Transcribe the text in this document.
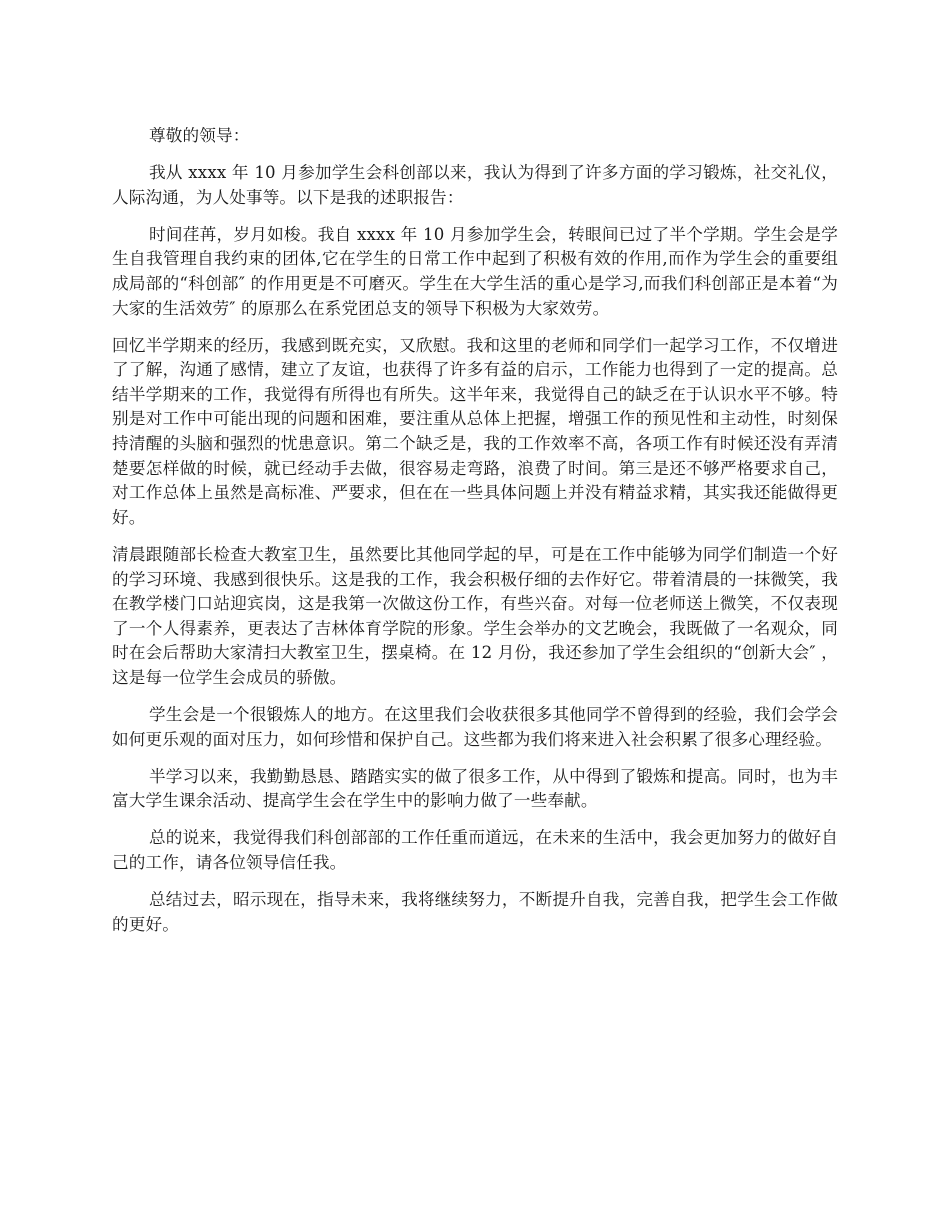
尊敬的领导：

我从 xxxx 年 10 月参加学生会科创部以来，我认为得到了许多方面的学习锻炼，社交礼仪，人际沟通，为人处事等。以下是我的述职报告：

时间荏苒，岁月如梭。我自 xxxx 年 10 月参加学生会，转眼间已过了半个学期。学生会是学生自我管理自我约束的团体,它在学生的日常工作中起到了积极有效的作用,而作为学生会的重要组成局部的“科创部″ 的作用更是不可磨灭。学生在大学生活的重心是学习,而我们科创部正是本着“为大家的生活效劳″ 的原那么在系党团总支的领导下积极为大家效劳。

回忆半学期来的经历，我感到既充实，又欣慰。我和这里的老师和同学们一起学习工作，不仅增进了了解，沟通了感情，建立了友谊，也获得了许多有益的启示，工作能力也得到了一定的提高。总结半学期来的工作，我觉得有所得也有所失。这半年来，我觉得自己的缺乏在于认识水平不够。特别是对工作中可能出现的问题和困难，要注重从总体上把握，增强工作的预见性和主动性，时刻保持清醒的头脑和强烈的忧患意识。第二个缺乏是，我的工作效率不高，各项工作有时候还没有弄清楚要怎样做的时候，就已经动手去做，很容易走弯路，浪费了时间。第三是还不够严格要求自己，对工作总体上虽然是高标准、严要求，但在在一些具体问题上并没有精益求精，其实我还能做得更好。

清晨跟随部长检查大教室卫生，虽然要比其他同学起的早，可是在工作中能够为同学们制造一个好的学习环境、我感到很快乐。这是我的工作，我会积极仔细的去作好它。带着清晨的一抹微笑，我在教学楼门口站迎宾岗，这是我第一次做这份工作，有些兴奋。对每一位老师送上微笑，不仅表现了一个人得素养，更表达了吉林体育学院的形象。学生会举办的文艺晚会，我既做了一名观众，同时在会后帮助大家清扫大教室卫生，摆桌椅。在 12 月份，我还参加了学生会组织的“创新大会″ ，这是每一位学生会成员的骄傲。

学生会是一个很锻炼人的地方。在这里我们会收获很多其他同学不曾得到的经验，我们会学会如何更乐观的面对压力，如何珍惜和保护自己。这些都为我们将来进入社会积累了很多心理经验。

半学习以来，我勤勤恳恳、踏踏实实的做了很多工作，从中得到了锻炼和提高。同时，也为丰富大学生课余活动、提高学生会在学生中的影响力做了一些奉献。

总的说来，我觉得我们科创部部的工作任重而道远，在未来的生活中，我会更加努力的做好自己的工作，请各位领导信任我。

总结过去，昭示现在，指导未来，我将继续努力，不断提升自我，完善自我，把学生会工作做的更好。
